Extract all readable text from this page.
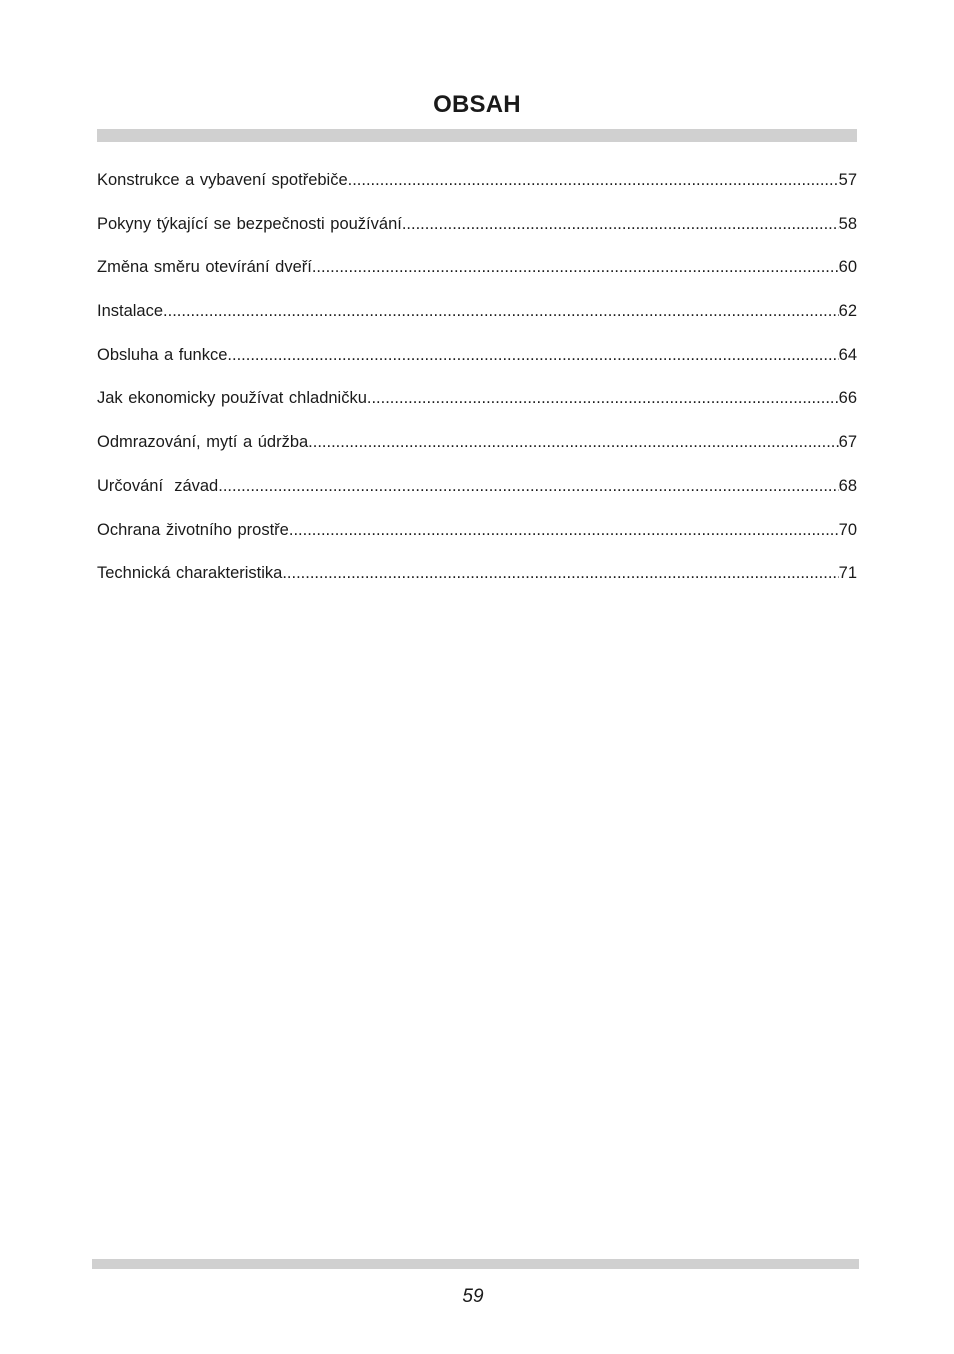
OBSAH
Konstrukce a vybavení spotřebiče .....	57
Pokyny týkající se bezpečnosti používání .....	58
Změna směru otevírání dveří .....	60
Instalace .....	62
Obsluha a funkce .....	64
Jak ekonomicky používat chladničku .....	66
Odmrazování, mytí a údržba .....	67
Určování  závad .....	68
Ochrana životního prostře .....	70
Technická charakteristika .....	71
59
